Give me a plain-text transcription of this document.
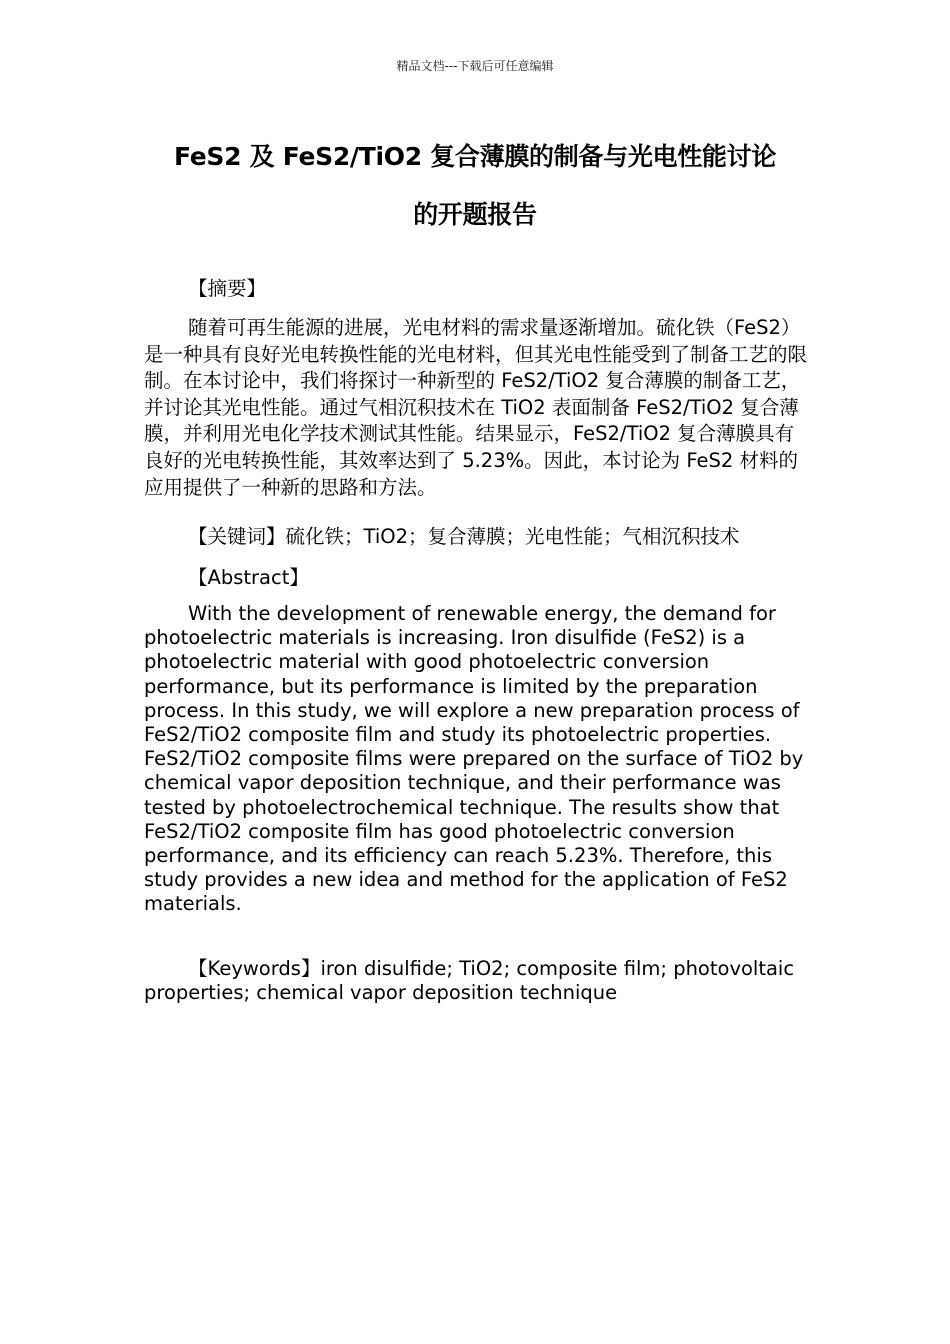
精品文档---下载后可任意编辑
FeS2 及 FeS2/TiO2 复合薄膜的制备与光电性能讨论
的开题报告
【摘要】

随着可再生能源的进展，光电材料的需求量逐渐增加。硫化铁（FeS2）是一种具有良好光电转换性能的光电材料，但其光电性能受到了制备工艺的限制。在本讨论中，我们将探讨一种新型的 FeS2/TiO2 复合薄膜的制备工艺，并讨论其光电性能。通过气相沉积技术在 TiO2 表面制备 FeS2/TiO2 复合薄膜，并利用光电化学技术测试其性能。结果显示，FeS2/TiO2 复合薄膜具有良好的光电转换性能，其效率达到了 5.23%。因此，本讨论为 FeS2 材料的应用提供了一种新的思路和方法。

【关键词】硫化铁；TiO2；复合薄膜；光电性能；气相沉积技术
【Abstract】

With the development of renewable energy, the demand for photoelectric materials is increasing. Iron disulfide (FeS2) is a photoelectric material with good photoelectric conversion performance, but its performance is limited by the preparation process. In this study, we will explore a new preparation process of FeS2/TiO2 composite film and study its photoelectric properties. FeS2/TiO2 composite films were prepared on the surface of TiO2 by chemical vapor deposition technique, and their performance was tested by photoelectrochemical technique. The results show that FeS2/TiO2 composite film has good photoelectric conversion performance, and its efficiency can reach 5.23%. Therefore, this study provides a new idea and method for the application of FeS2 materials.

【Keywords】iron disulfide; TiO2; composite film; photovoltaic properties; chemical vapor deposition technique
